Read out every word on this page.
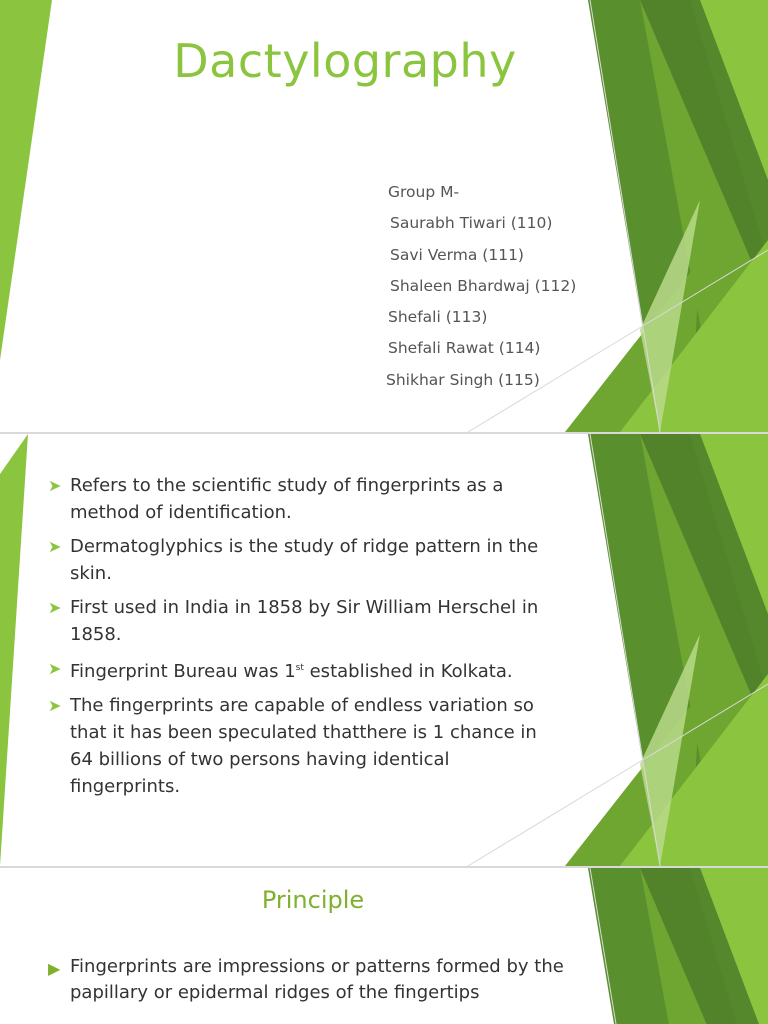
Dactylography
Group M-
Saurabh Tiwari (110)
Savi Verma (111)
Shaleen Bhardwaj (112)
Shefali (113)
Shefali Rawat (114)
Shikhar Singh (115)
➤ Refers to the scientific study of fingerprints as a method of identification.
➤ Dermatoglyphics is the study of ridge pattern in the skin.
➤ First used in India in 1858 by Sir William Herschel in 1858.
➤ Fingerprint Bureau was 1st established in Kolkata.
➤ The fingerprints are capable of endless variation so that it has been speculated thatthere is 1 chance in 64 billions of two persons having identical fingerprints.
Principle
▶ Fingerprints are impressions or patterns formed by the papillary or epidermal ridges of the fingertips
